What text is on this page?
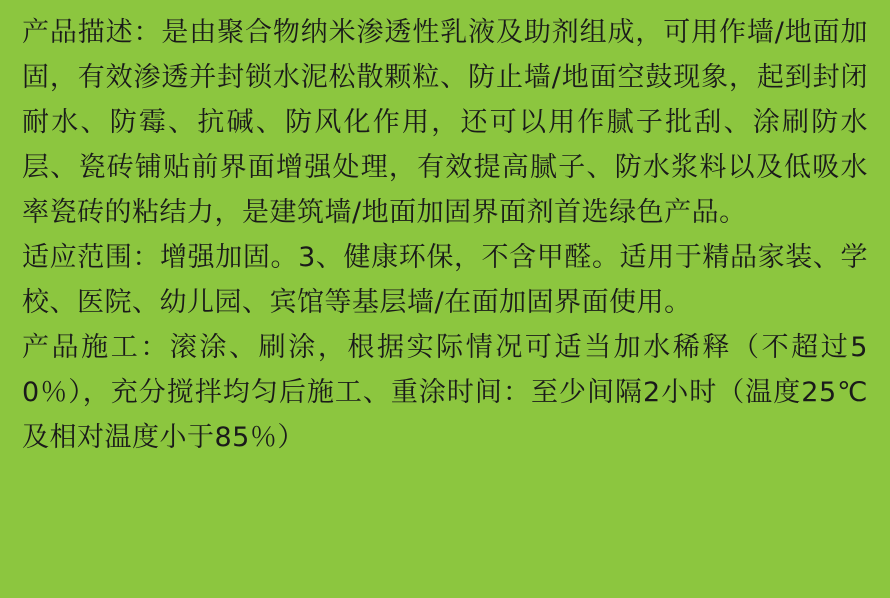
产品描述：是由聚合物纳米渗透性乳液及助剂组成，可用作墙/地面加固，有效渗透并封锁水泥松散颗粒、防止墙/地面空鼓现象，起到封闭耐水、防霉、抗碱、防风化作用，还可以用作腻子批刮、涂刷防水层、瓷砖铺贴前界面增强处理，有效提高腻子、防水浆料以及低吸水率瓷砖的粘结力，是建筑墙/地面加固界面剂首选绿色产品。

适应范围：增强加固。3、健康环保，不含甲醛。适用于精品家装、学校、医院、幼儿园、宾馆等基层墙/在面加固界面使用。

产品施工：滚涂、刷涂，根据实际情况可适当加水稀释（不超过50％），充分搅拌均匀后施工、重涂时间：至少间隔2小时（温度25℃及相对温度小于85％）
